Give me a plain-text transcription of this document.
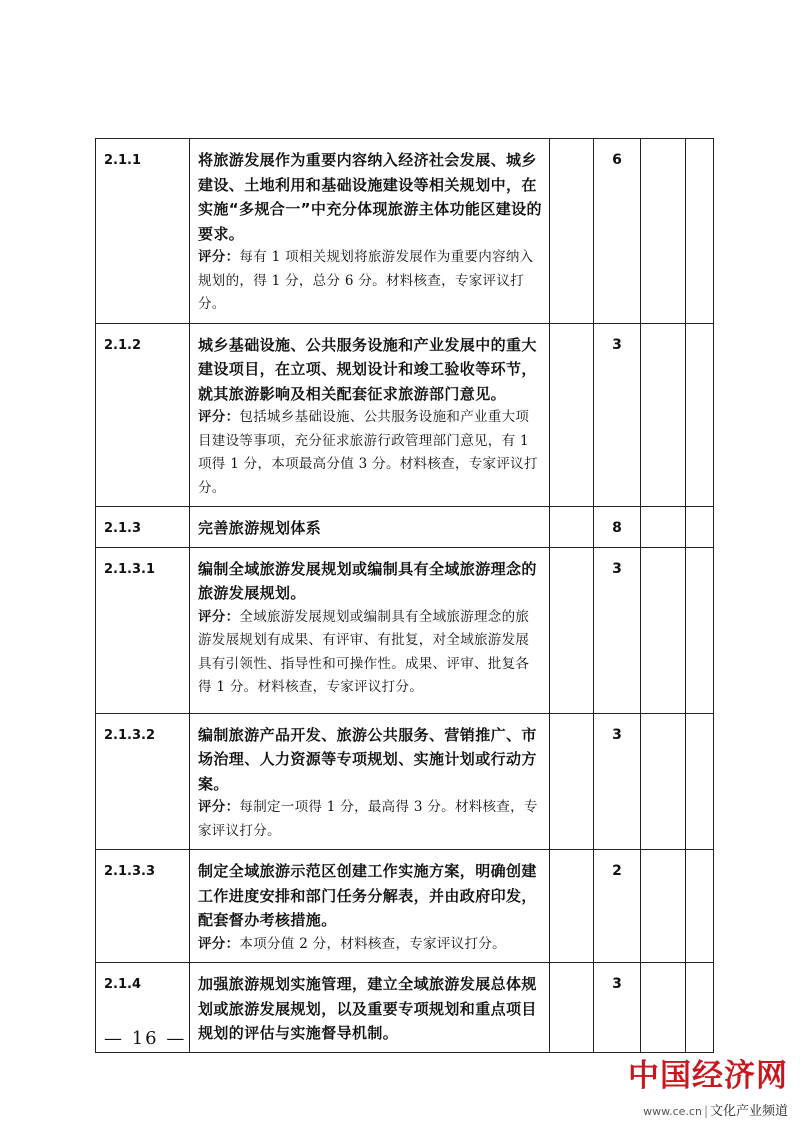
2.1.1	将旅游发展作为重要内容纳入经济社会发展、城乡建设、土地利用和基础设施建设等相关规划中，在实施“多规合一”中充分体现旅游主体功能区建设的要求。
评分：每有 1 项相关规划将旅游发展作为重要内容纳入规划的，得 1 分，总分 6 分。材料核查，专家评议打分。		6		
2.1.2	城乡基础设施、公共服务设施和产业发展中的重大建设项目，在立项、规划设计和竣工验收等环节，就其旅游影响及相关配套征求旅游部门意见。
评分：包括城乡基础设施、公共服务设施和产业重大项目建设等事项，充分征求旅游行政管理部门意见，有 1 项得 1 分，本项最高分值 3 分。材料核查，专家评议打分。		3		
2.1.3	完善旅游规划体系		8		
2.1.3.1	编制全域旅游发展规划或编制具有全域旅游理念的旅游发展规划。
评分：全域旅游发展规划或编制具有全域旅游理念的旅游发展规划有成果、有评审、有批复，对全域旅游发展具有引领性、指导性和可操作性。成果、评审、批复各得 1 分。材料核查，专家评议打分。		3		
2.1.3.2	编制旅游产品开发、旅游公共服务、营销推广、市场治理、人力资源等专项规划、实施计划或行动方案。
评分：每制定一项得 1 分，最高得 3 分。材料核查，专家评议打分。		3		
2.1.3.3	制定全域旅游示范区创建工作实施方案，明确创建工作进度安排和部门任务分解表，并由政府印发，配套督办考核措施。
评分：本项分值 2 分，材料核查，专家评议打分。		2		
2.1.4	加强旅游规划实施管理，建立全域旅游发展总体规划或旅游发展规划，以及重要专项规划和重点项目规划的评估与实施督导机制。		3		
— 16 —
中国经济网
www.ce.cn | 文化产业频道
